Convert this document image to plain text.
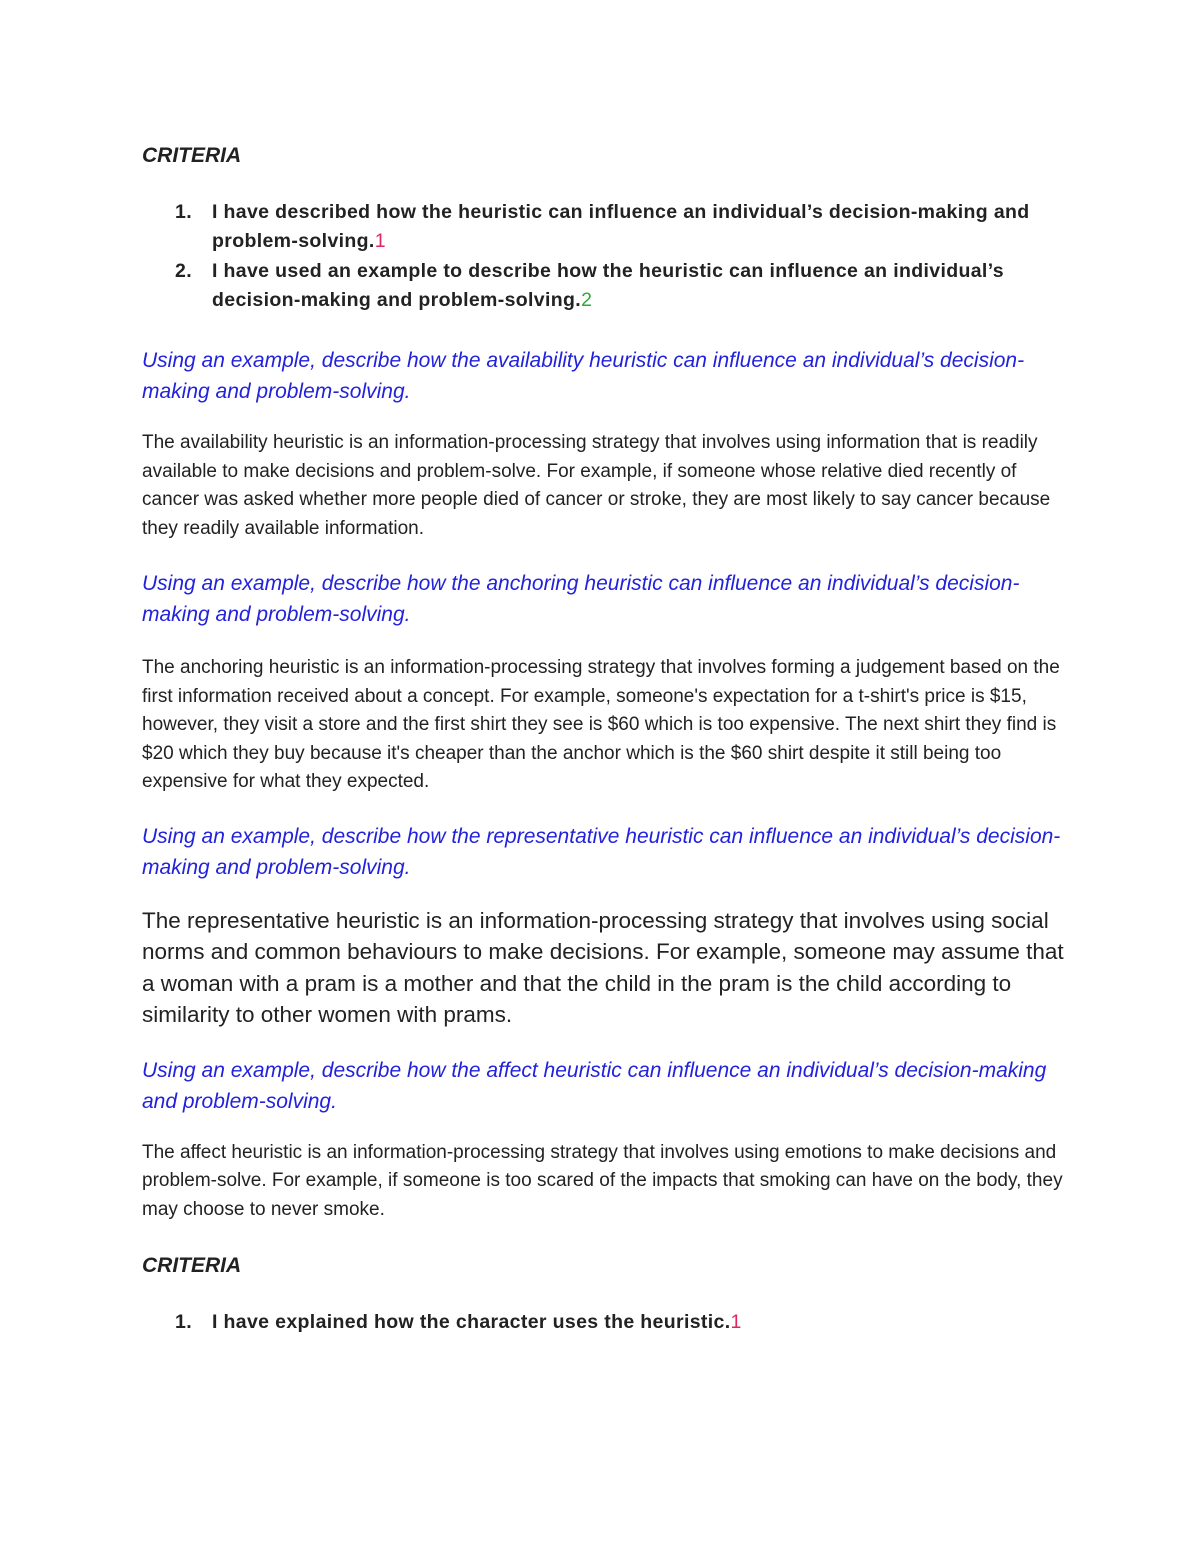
CRITERIA
1. I have described how the heuristic can influence an individual’s decision-making and problem-solving.1
2. I have used an example to describe how the heuristic can influence an individual’s decision-making and problem-solving.2

Using an example, describe how the availability heuristic can influence an individual’s decision-making and problem-solving.

The availability heuristic is an information-processing strategy that involves using information that is readily available to make decisions and problem-solve. For example, if someone whose relative died recently of cancer was asked whether more people died of cancer or stroke, they are most likely to say cancer because they readily available information.

Using an example, describe how the anchoring heuristic can influence an individual’s decision-making and problem-solving.

The anchoring heuristic is an information-processing strategy that involves forming a judgement based on the first information received about a concept. For example, someone's expectation for a t-shirt's price is $15, however, they visit a store and the first shirt they see is $60 which is too expensive. The next shirt they find is $20 which they buy because it's cheaper than the anchor which is the $60 shirt despite it still being too expensive for what they expected.

Using an example, describe how the representative heuristic can influence an individual’s decision-making and problem-solving.

The representative heuristic is an information-processing strategy that involves using social norms and common behaviours to make decisions. For example, someone may assume that a woman with a pram is a mother and that the child in the pram is the child according to similarity to other women with prams.

Using an example, describe how the affect heuristic can influence an individual’s decision-making and problem-solving.

The affect heuristic is an information-processing strategy that involves using emotions to make decisions and problem-solve. For example, if someone is too scared of the impacts that smoking can have on the body, they may choose to never smoke.

CRITERIA
1. I have explained how the character uses the heuristic.1
